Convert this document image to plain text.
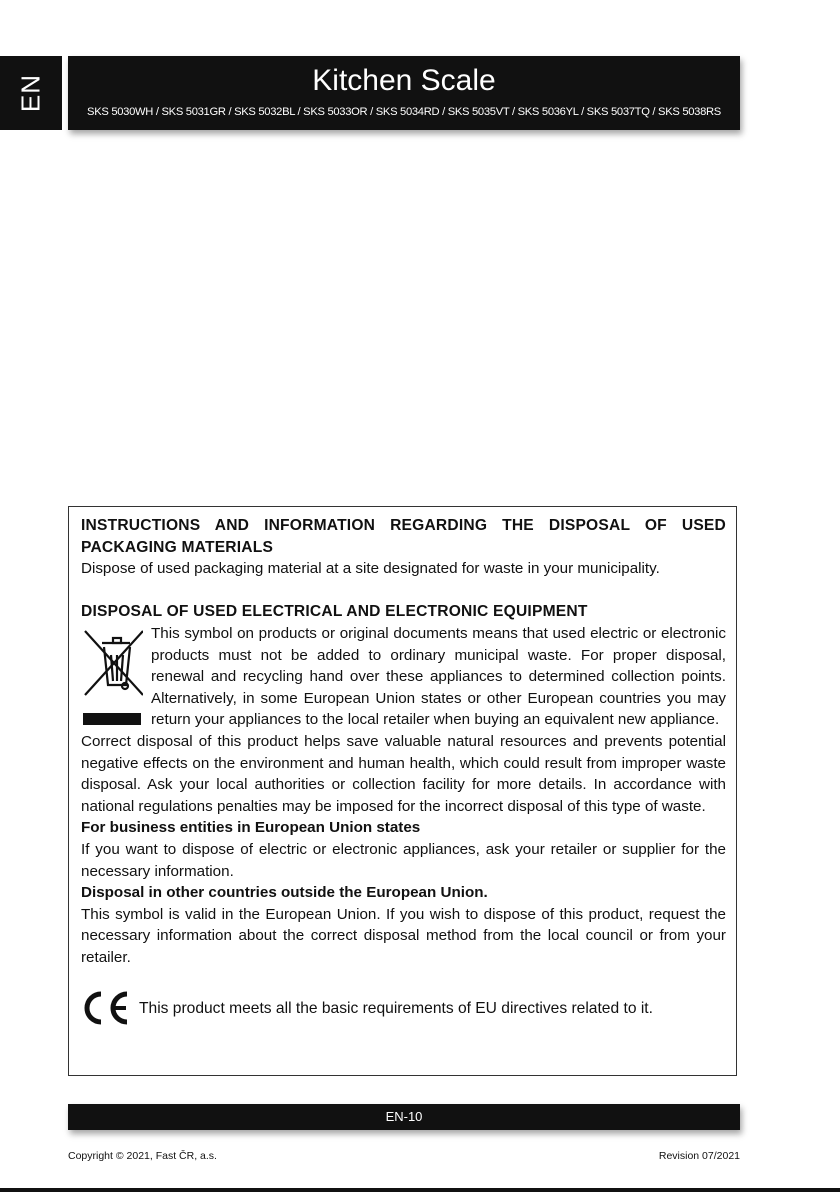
EN	Kitchen Scale
SKS 5030WH / SKS 5031GR / SKS 5032BL / SKS 5033OR / SKS 5034RD / SKS 5035VT / SKS 5036YL / SKS 5037TQ / SKS 5038RS

INSTRUCTIONS AND INFORMATION REGARDING THE DISPOSAL OF USED PACKAGING MATERIALS

Dispose of used packaging material at a site designated for waste in your municipality.

DISPOSAL OF USED ELECTRICAL AND ELECTRONIC EQUIPMENT

This symbol on products or original documents means that used electric or electronic products must not be added to ordinary municipal waste. For proper disposal, renewal and recycling hand over these appliances to determined collection points. Alternatively, in some European Union states or other European countries you may return your appliances to the local retailer when buying an equivalent new appliance.

Correct disposal of this product helps save valuable natural resources and prevents potential negative effects on the environment and human health, which could result from improper waste disposal. Ask your local authorities or collection facility for more details. In accordance with national regulations penalties may be imposed for the incorrect disposal of this type of waste.

For business entities in European Union states

If you want to dispose of electric or electronic appliances, ask your retailer or supplier for the necessary information.

Disposal in other countries outside the European Union.

This symbol is valid in the European Union. If you wish to dispose of this product, request the necessary information about the correct disposal method from the local council or from your retailer.

This product meets all the basic requirements of EU directives related to it.
EN-10
Copyright © 2021, Fast ČR, a.s.	Revision 07/2021
